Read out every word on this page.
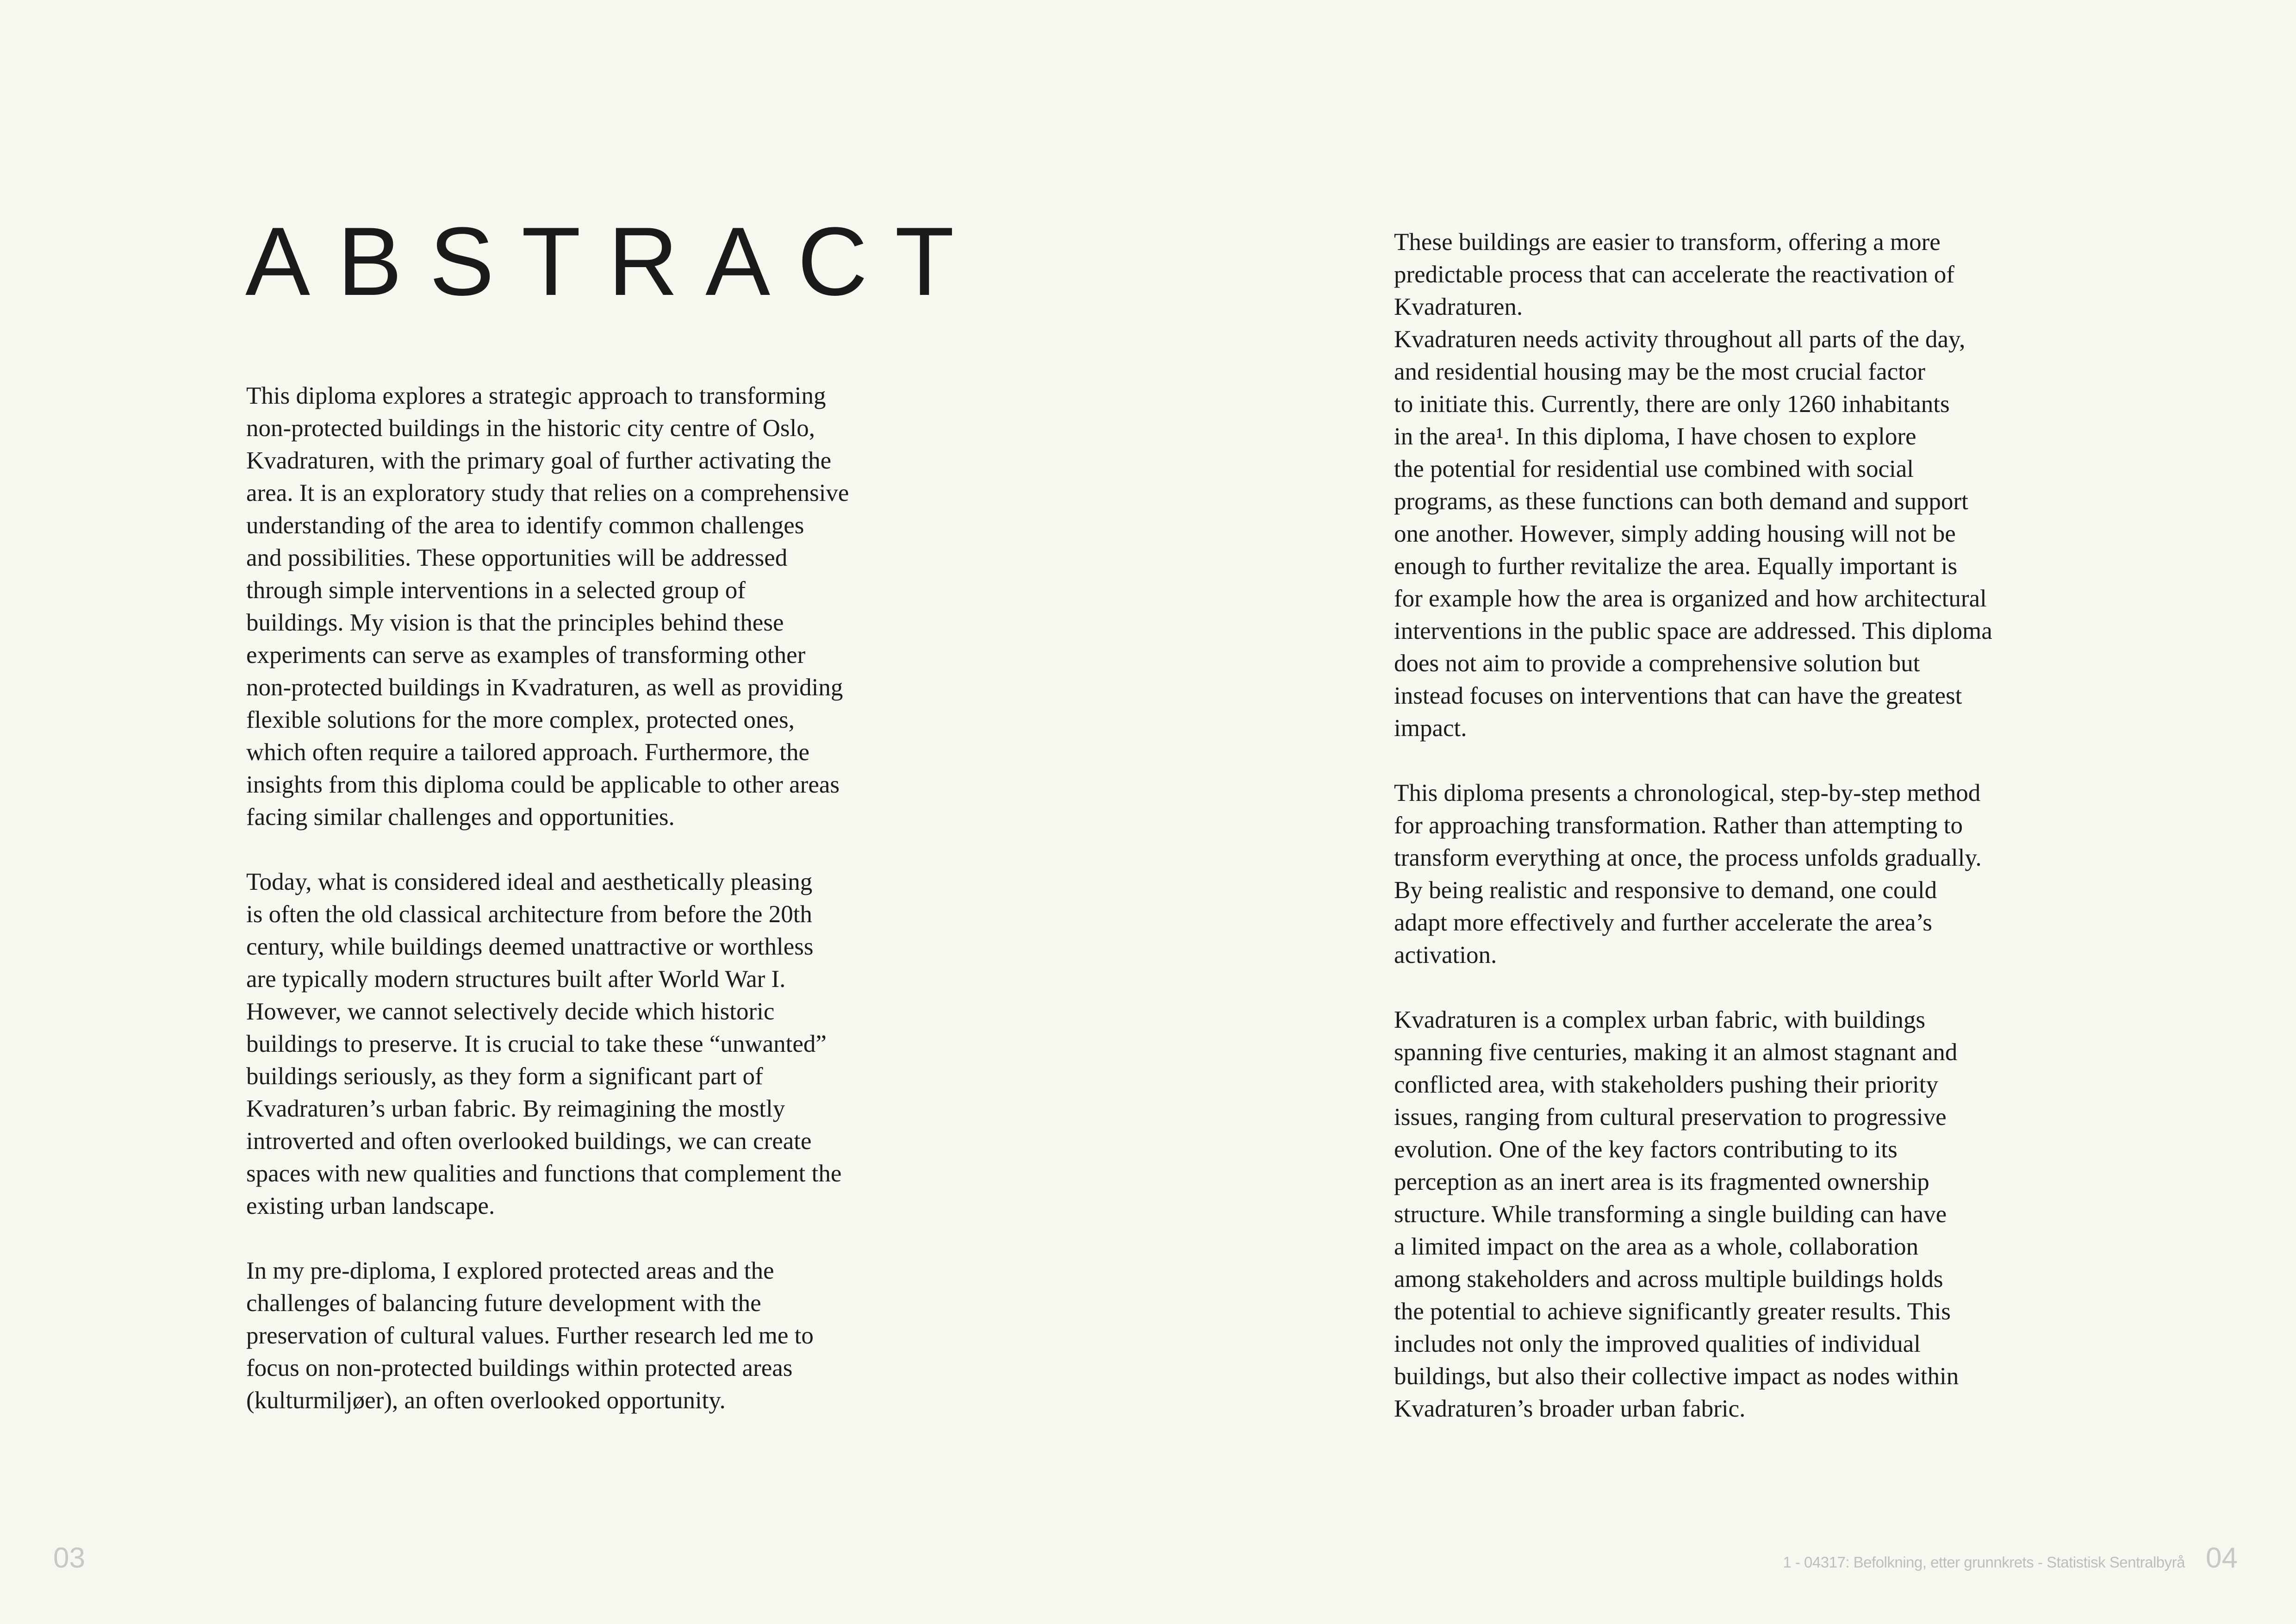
ABSTRACT

This diploma explores a strategic approach to transforming
non-protected buildings in the historic city centre of Oslo,
Kvadraturen, with the primary goal of further activating the
area. It is an exploratory study that relies on a comprehensive
understanding of the area to identify common challenges
and possibilities. These opportunities will be addressed
through simple interventions in a selected group of
buildings. My vision is that the principles behind these
experiments can serve as examples of transforming other
non-protected buildings in Kvadraturen, as well as providing
flexible solutions for the more complex, protected ones,
which often require a tailored approach. Furthermore, the
insights from this diploma could be applicable to other areas
facing similar challenges and opportunities.

Today, what is considered ideal and aesthetically pleasing
is often the old classical architecture from before the 20th
century, while buildings deemed unattractive or worthless
are typically modern structures built after World War I.
However, we cannot selectively decide which historic
buildings to preserve. It is crucial to take these “unwanted”
buildings seriously, as they form a significant part of
Kvadraturen’s urban fabric. By reimagining the mostly
introverted and often overlooked buildings, we can create
spaces with new qualities and functions that complement the
existing urban landscape.

In my pre-diploma, I explored protected areas and the
challenges of balancing future development with the
preservation of cultural values. Further research led me to
focus on non-protected buildings within protected areas
(kulturmiljøer), an often overlooked opportunity.

These buildings are easier to transform, offering a more
predictable process that can accelerate the reactivation of
Kvadraturen.
Kvadraturen needs activity throughout all parts of the day,
and residential housing may be the most crucial factor
to initiate this. Currently, there are only 1260 inhabitants
in the area¹. In this diploma, I have chosen to explore
the potential for residential use combined with social
programs, as these functions can both demand and support
one another. However, simply adding housing will not be
enough to further revitalize the area. Equally important is
for example how the area is organized and how architectural
interventions in the public space are addressed. This diploma
does not aim to provide a comprehensive solution but
instead focuses on interventions that can have the greatest
impact.

This diploma presents a chronological, step-by-step method
for approaching transformation. Rather than attempting to
transform everything at once, the process unfolds gradually.
By being realistic and responsive to demand, one could
adapt more effectively and further accelerate the area’s
activation.

Kvadraturen is a complex urban fabric, with buildings
spanning five centuries, making it an almost stagnant and
conflicted area, with stakeholders pushing their priority
issues, ranging from cultural preservation to progressive
evolution. One of the key factors contributing to its
perception as an inert area is its fragmented ownership
structure. While transforming a single building can have
a limited impact on the area as a whole, collaboration
among stakeholders and across multiple buildings holds
the potential to achieve significantly greater results. This
includes not only the improved qualities of individual
buildings, but also their collective impact as nodes within
Kvadraturen’s broader urban fabric.

03	1 - 04317: Befolkning, etter grunnkrets - Statistisk Sentralbyrå 04
